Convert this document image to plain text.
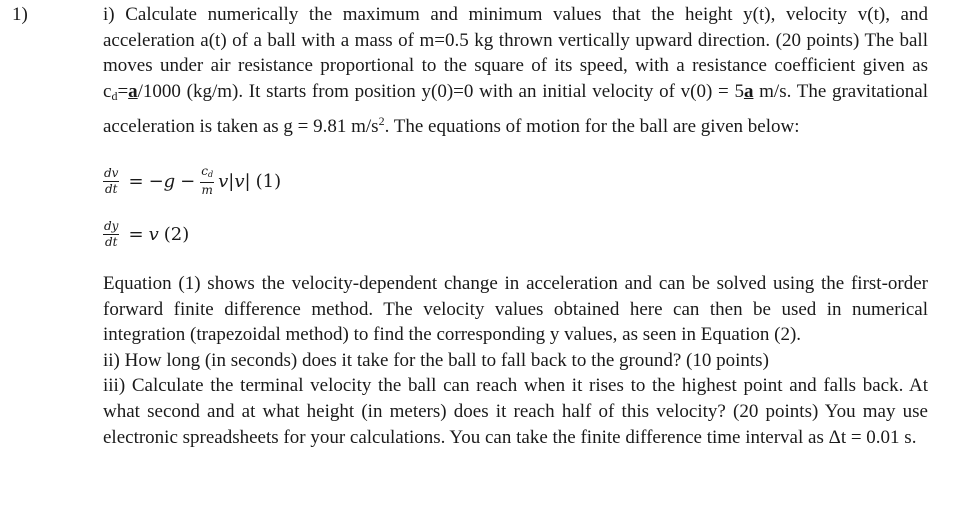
1)	i) Calculate numerically the maximum and minimum values that the height y(t), velocity v(t), and acceleration a(t) of a ball with a mass of m=0.5 kg thrown vertically upward direction. (20 points) The ball moves under air resistance proportional to the square of its speed, with a resistance coefficient given as cd=a/1000 (kg/m). It starts from position y(0)=0 with an initial velocity of v(0) = 5a m/s. The gravitational acceleration is taken as g = 9.81 $m/s^2$. The equations of motion for the ball are given below:

$\frac{dv}{dt} = -g - \frac{c_d}{m} v|v|$ (1)
$\frac{dy}{dt} = v$ (2)

Equation (1) shows the velocity-dependent change in acceleration and can be solved using the first-order forward finite difference method. The velocity values obtained here can then be used in numerical integration (trapezoidal method) to find the corresponding y values, as seen in Equation (2).

ii) How long (in seconds) does it take for the ball to fall back to the ground? (10 points)

iii) Calculate the terminal velocity the ball can reach when it rises to the highest point and falls back. At what second and at what height (in meters) does it reach half of this velocity? (20 points) You may use electronic spreadsheets for your calculations. You can take the finite difference time interval as Δt = 0.01 s.
